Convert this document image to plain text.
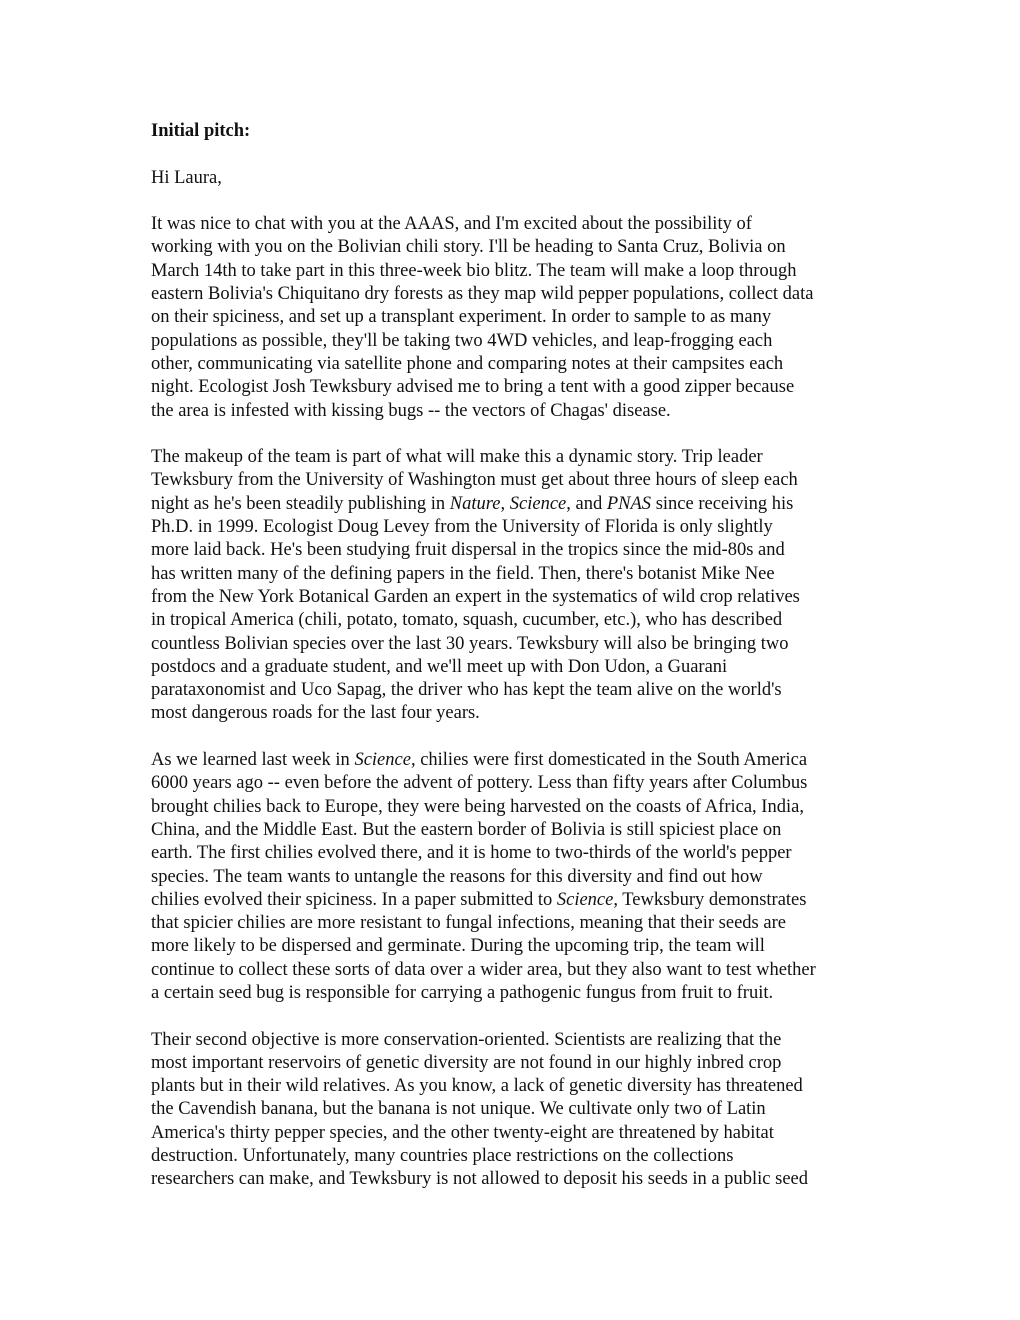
Initial pitch:
Hi Laura,
It was nice to chat with you at the AAAS, and I'm excited about the possibility of
working with you on the Bolivian chili story. I'll be heading to Santa Cruz, Bolivia on
March 14th to take part in this three-week bio blitz. The team will make a loop through
eastern Bolivia's Chiquitano dry forests as they map wild pepper populations, collect data
on their spiciness, and set up a transplant experiment. In order to sample to as many
populations as possible, they'll be taking two 4WD vehicles, and leap-frogging each
other, communicating via satellite phone and comparing notes at their campsites each
night. Ecologist Josh Tewksbury advised me to bring a tent with a good zipper because
the area is infested with kissing bugs -- the vectors of Chagas' disease.
The makeup of the team is part of what will make this a dynamic story. Trip leader
Tewksbury from the University of Washington must get about three hours of sleep each
night as he's been steadily publishing in Nature, Science, and PNAS since receiving his
Ph.D. in 1999. Ecologist Doug Levey from the University of Florida is only slightly
more laid back. He's been studying fruit dispersal in the tropics since the mid-80s and
has written many of the defining papers in the field. Then, there's botanist Mike Nee
from the New York Botanical Garden an expert in the systematics of wild crop relatives
in tropical America (chili, potato, tomato, squash, cucumber, etc.), who has described
countless Bolivian species over the last 30 years. Tewksbury will also be bringing two
postdocs and a graduate student, and we'll meet up with Don Udon, a Guarani
parataxonomist and Uco Sapag, the driver who has kept the team alive on the world's
most dangerous roads for the last four years.
As we learned last week in Science, chilies were first domesticated in the South America
6000 years ago -- even before the advent of pottery. Less than fifty years after Columbus
brought chilies back to Europe, they were being harvested on the coasts of Africa, India,
China, and the Middle East. But the eastern border of Bolivia is still spiciest place on
earth. The first chilies evolved there, and it is home to two-thirds of the world's pepper
species. The team wants to untangle the reasons for this diversity and find out how
chilies evolved their spiciness. In a paper submitted to Science, Tewksbury demonstrates
that spicier chilies are more resistant to fungal infections, meaning that their seeds are
more likely to be dispersed and germinate. During the upcoming trip, the team will
continue to collect these sorts of data over a wider area, but they also want to test whether
a certain seed bug is responsible for carrying a pathogenic fungus from fruit to fruit.
Their second objective is more conservation-oriented. Scientists are realizing that the
most important reservoirs of genetic diversity are not found in our highly inbred crop
plants but in their wild relatives. As you know, a lack of genetic diversity has threatened
the Cavendish banana, but the banana is not unique. We cultivate only two of Latin
America's thirty pepper species, and the other twenty-eight are threatened by habitat
destruction. Unfortunately, many countries place restrictions on the collections
researchers can make, and Tewksbury is not allowed to deposit his seeds in a public seed
